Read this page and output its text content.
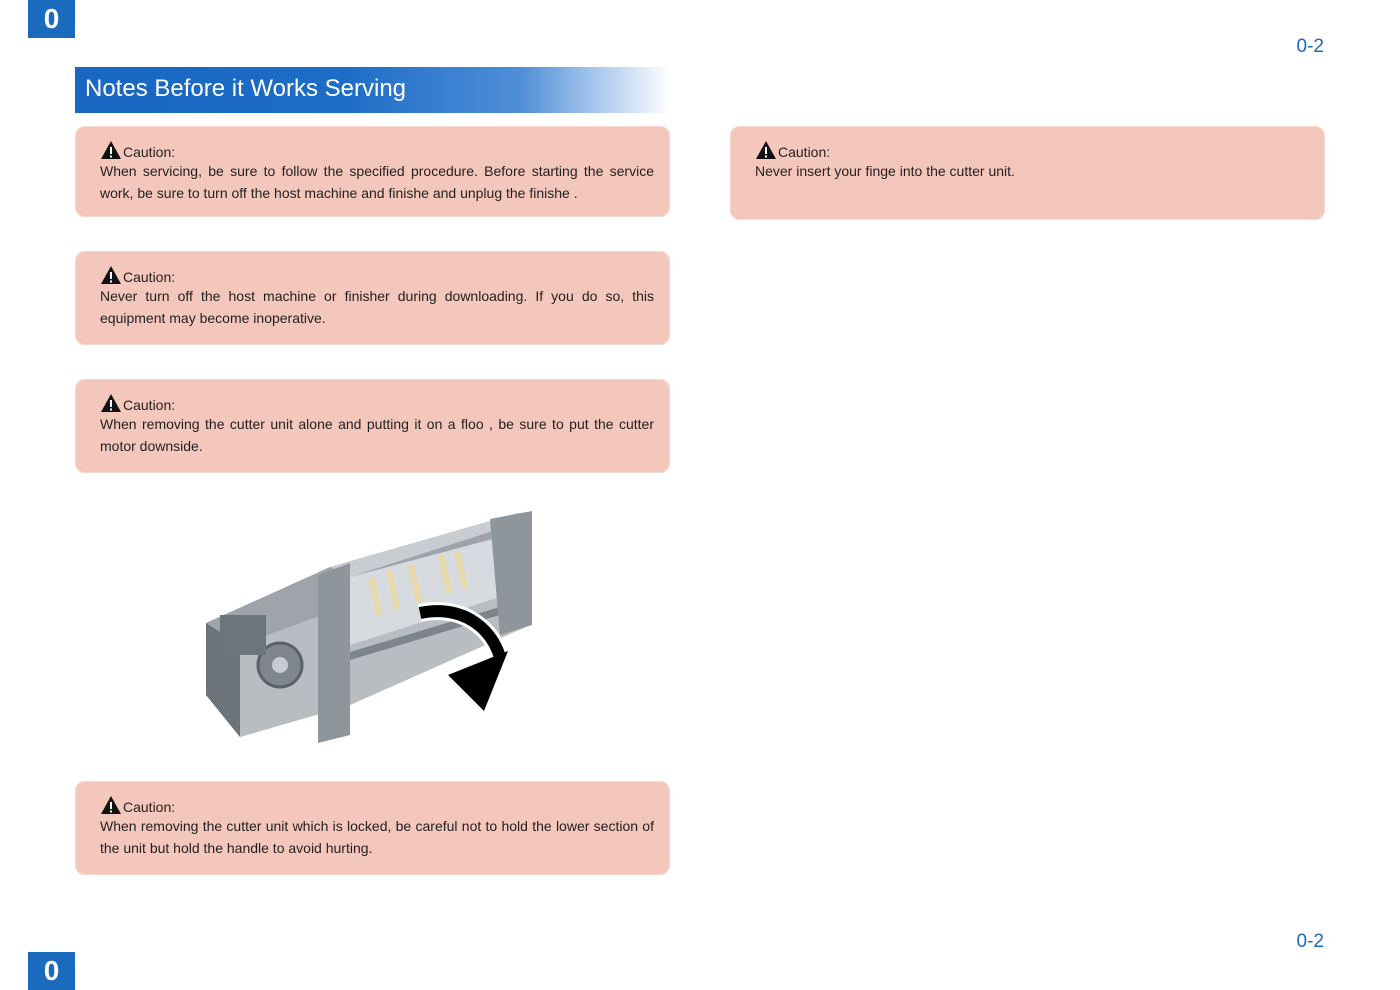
0
0-2
Notes Before it Works Serving
Caution:
When servicing, be sure to follow the specified procedure. Before starting the service work, be sure to turn off the host machine and finishe and unplug the finishe .
Caution:
Never turn off the host machine or finisher during downloading. If you do so, this equipment may become inoperative.
Caution:
When removing the cutter unit alone and putting it on a floo , be sure to put the cutter motor downside.
Caution:
When removing the cutter unit which is locked, be careful not to hold the lower section of the unit but hold the handle to avoid hurting.
Caution:
Never insert your finge into the cutter unit.
0-2
0
